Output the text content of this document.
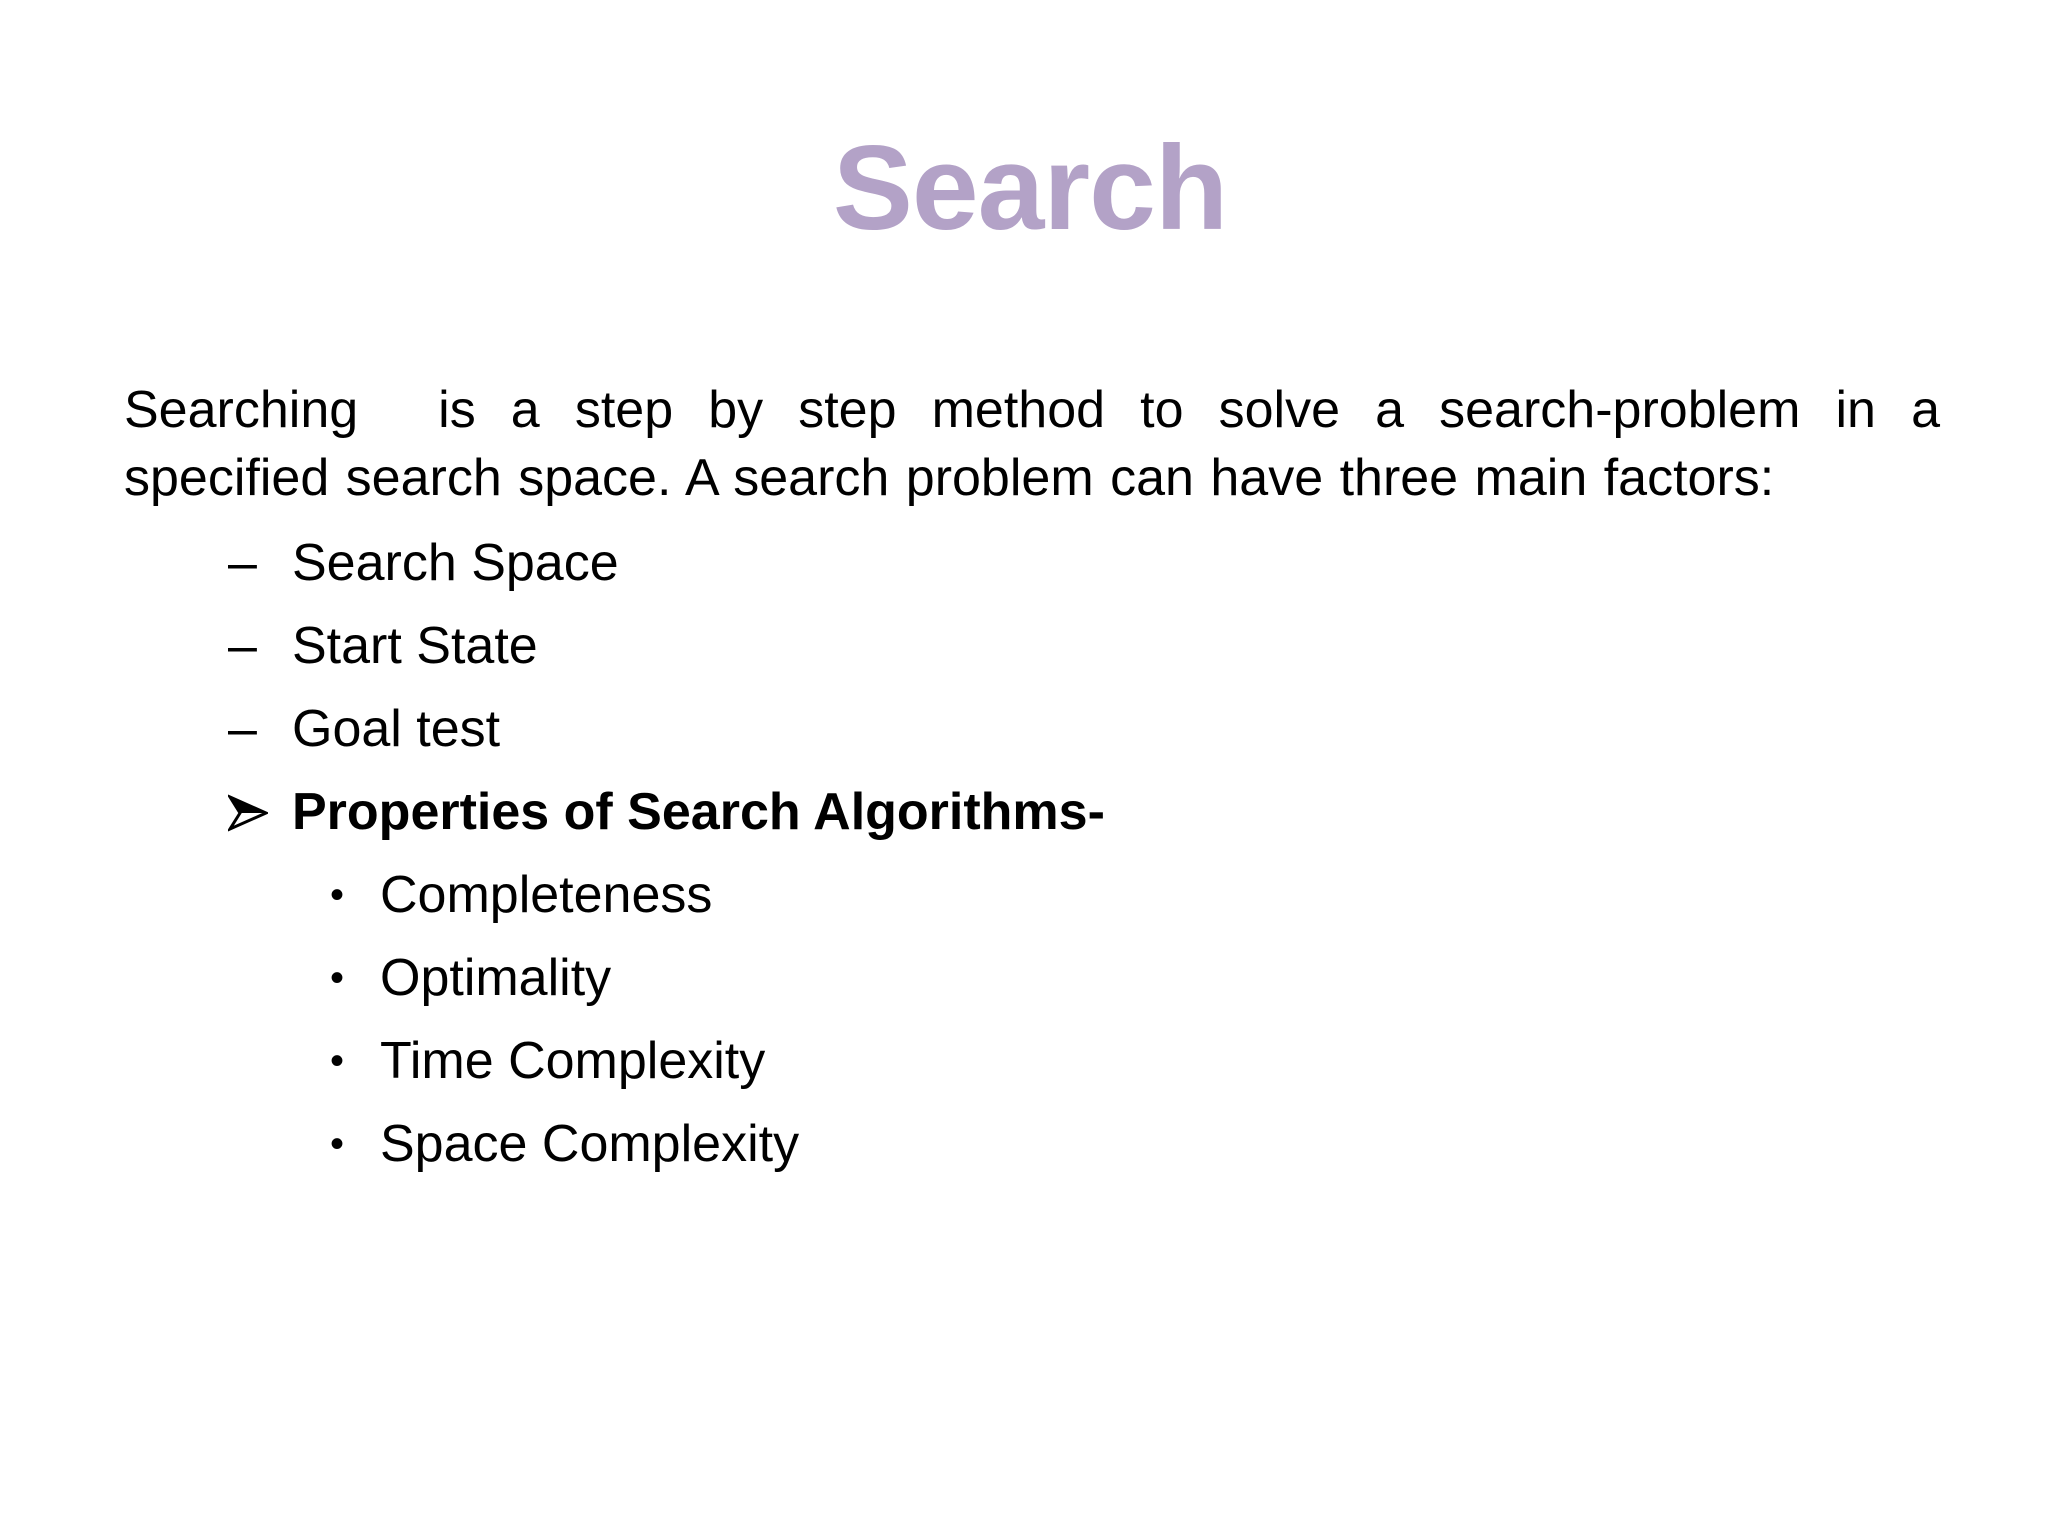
Search
Searching is a step by step method to solve a search-problem in a specified search space. A search problem can have three main factors:
– Search Space
– Start State
– Goal test
Properties of Search Algorithms-
• Completeness
• Optimality
• Time Complexity
• Space Complexity
